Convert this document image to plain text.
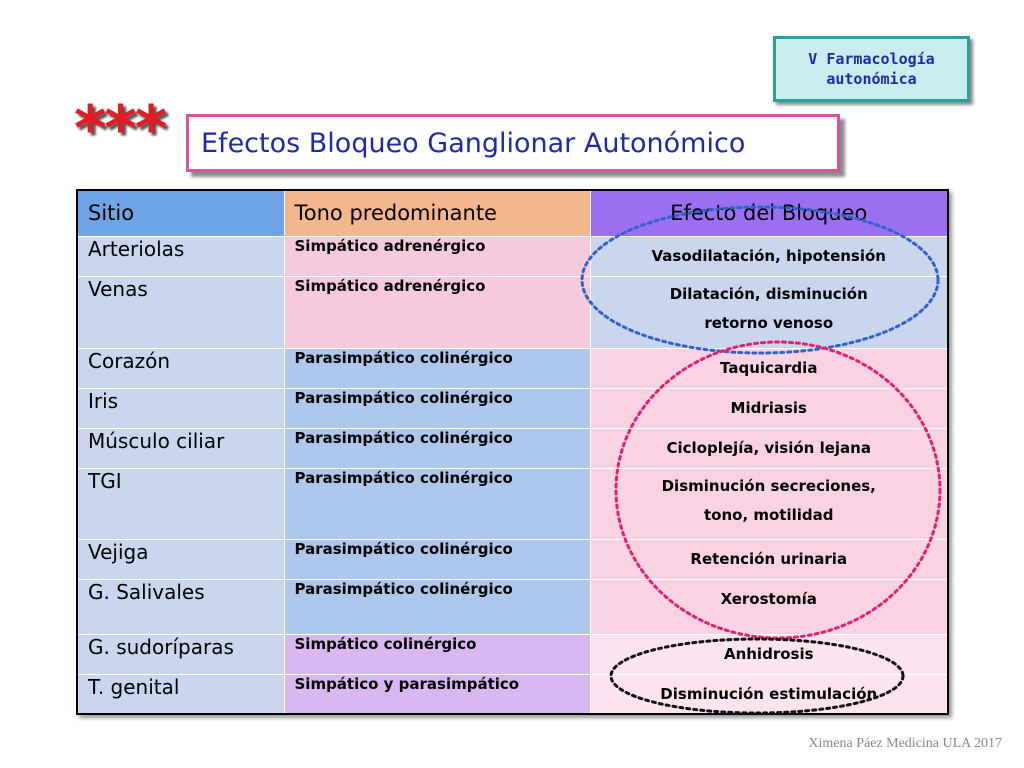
V Farmacología
autonómica
*** Efectos Bloqueo Ganglionar Autonómico
Sitio	Tono predominante	Efecto del Bloqueo
Arteriolas	Simpático adrenérgico	Vasodilatación, hipotensión
Venas	Simpático adrenérgico	Dilatación, disminución
retorno venoso
Corazón	Parasimpático colinérgico	Taquicardia
Iris	Parasimpático colinérgico	Midriasis
Músculo ciliar	Parasimpático colinérgico	Cicloplejía, visión lejana
TGI	Parasimpático colinérgico	Disminución secreciones,
tono, motilidad
Vejiga	Parasimpático colinérgico	Retención urinaria
G. Salivales	Parasimpático colinérgico	Xerostomía
G. sudoríparas	Simpático colinérgico	Anhidrosis
T. genital	Simpático y parasimpático	Disminución estimulación
Ximena Páez Medicina ULA 2017
